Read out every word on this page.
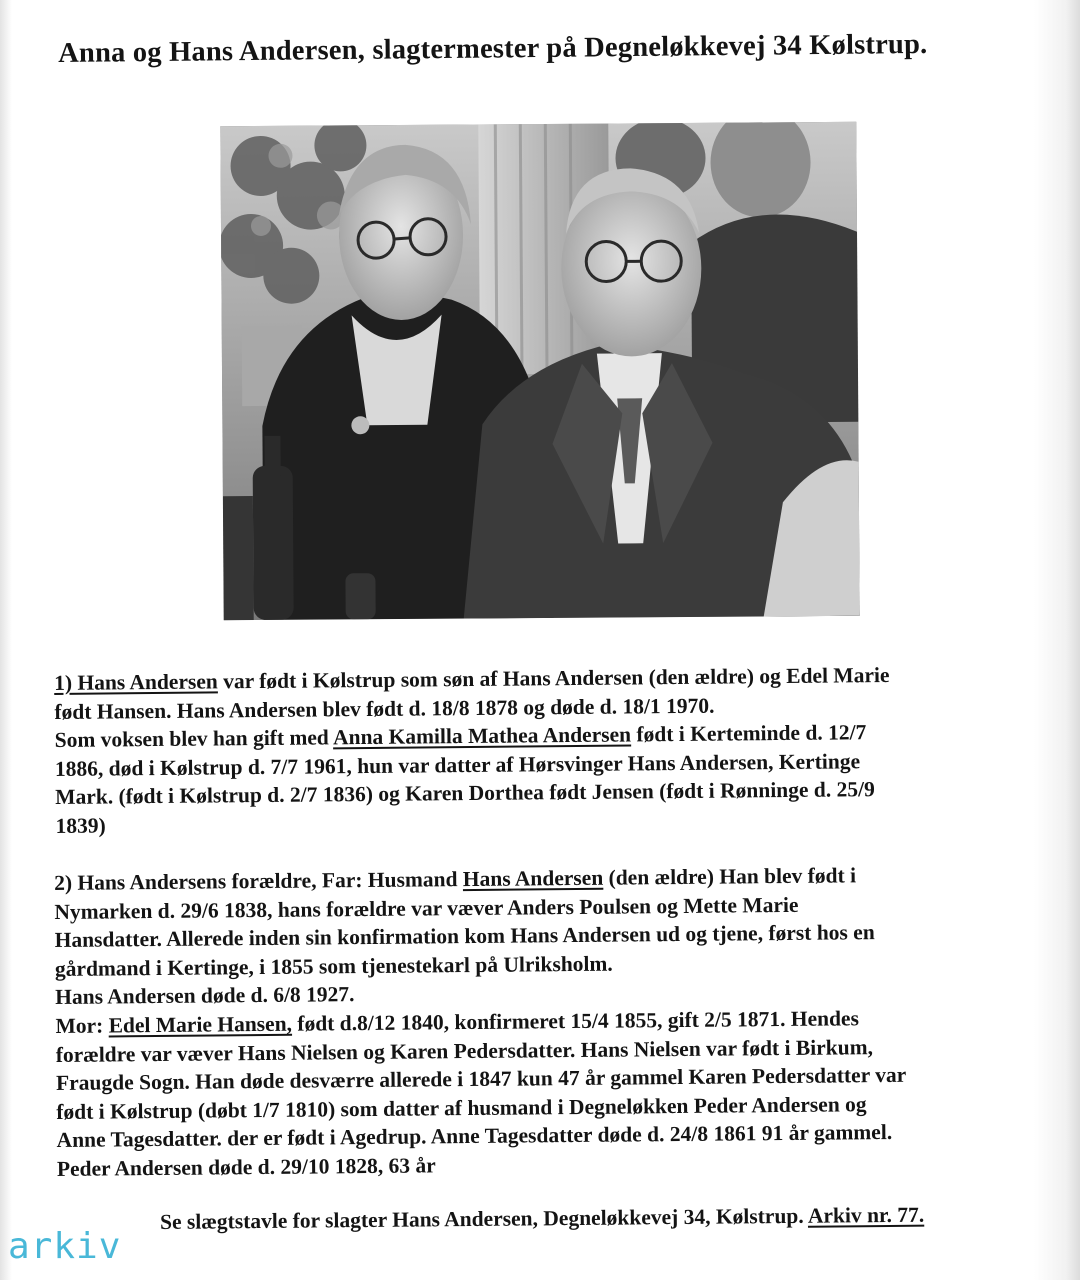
Anna og Hans Andersen, slagtermester på Degneløkkevej 34 Kølstrup.
1) Hans Andersen var født i Kølstrup som søn af Hans Andersen (den ældre) og Edel Marie
født Hansen. Hans Andersen blev født d. 18/8 1878 og døde d. 18/1 1970.
Som voksen blev han gift med Anna Kamilla Mathea Andersen født i Kerteminde d. 12/7
1886, død i Kølstrup d. 7/7 1961, hun var datter af Hørsvinger Hans Andersen, Kertinge
Mark. (født i Kølstrup d. 2/7 1836) og Karen Dorthea født Jensen (født i Rønninge d. 25/9
1839)
2) Hans Andersens forældre, Far: Husmand Hans Andersen (den ældre) Han blev født i
Nymarken d. 29/6 1838, hans forældre var væver Anders Poulsen og Mette Marie
Hansdatter. Allerede inden sin konfirmation kom Hans Andersen ud og tjene, først hos en
gårdmand i Kertinge, i 1855 som tjenestekarl på Ulriksholm.
Hans Andersen døde d. 6/8 1927.
Mor: Edel Marie Hansen, født d.8/12 1840, konfirmeret 15/4 1855, gift 2/5 1871. Hendes
forældre var væver Hans Nielsen og Karen Pedersdatter. Hans Nielsen var født i Birkum,
Fraugde Sogn. Han døde desværre allerede i 1847 kun 47 år gammel Karen Pedersdatter var
født i Kølstrup (døbt 1/7 1810) som datter af husmand i Degneløkken Peder Andersen og
Anne Tagesdatter. der er født i Agedrup. Anne Tagesdatter døde d. 24/8 1861 91 år gammel.
Peder Andersen døde d. 29/10 1828, 63 år
Se slægtstavle for slagter Hans Andersen, Degneløkkevej 34, Kølstrup. Arkiv nr. 77.
arkiv
